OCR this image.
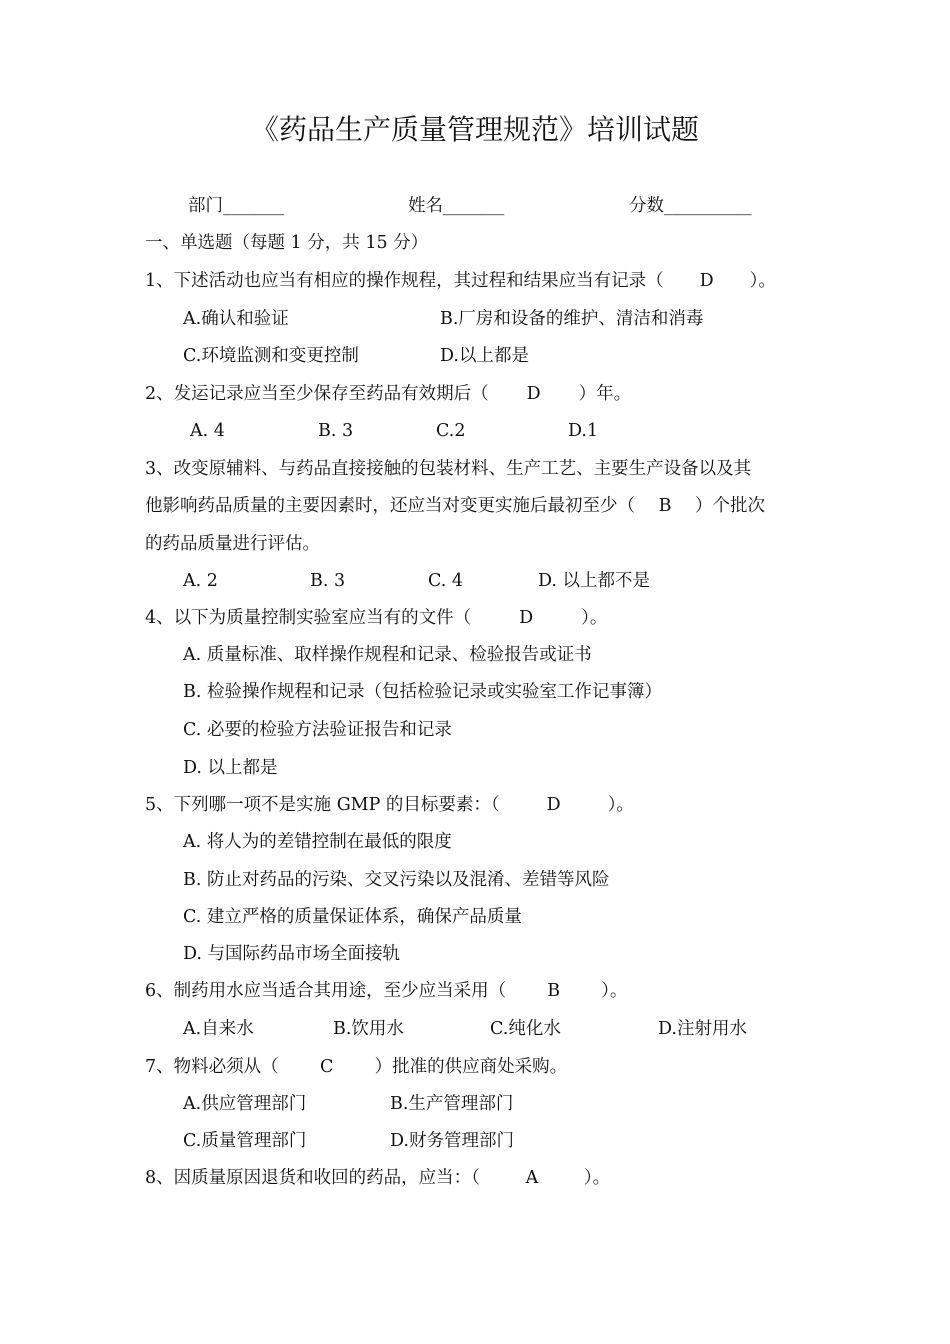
《药品生产质量管理规范》培训试题
部门_______	姓名_______	分数__________
一、单选题（每题 1 分，共 15 分）
1、下述活动也应当有相应的操作规程，其过程和结果应当有记录（ D ）。
A.确认和验证	B.厂房和设备的维护、清洁和消毒
C.环境监测和变更控制	D.以上都是
2、发运记录应当至少保存至药品有效期后（ D ）年。
A. 4	B. 3	C.2	D.1
3、改变原辅料、与药品直接接触的包装材料、生产工艺、主要生产设备以及其
他影响药品质量的主要因素时，还应当对变更实施后最初至少（ B ）个批次
的药品质量进行评估。
A. 2	B. 3	C. 4	D. 以上都不是
4、以下为质量控制实验室应当有的文件（	D	）。
A. 质量标准、取样操作规程和记录、检验报告或证书
B. 检验操作规程和记录（包括检验记录或实验室工作记事簿）
C. 必要的检验方法验证报告和记录
D. 以上都是
5、下列哪一项不是实施 GMP 的目标要素：（	D	）。
A. 将人为的差错控制在最低的限度
B. 防止对药品的污染、交叉污染以及混淆、差错等风险
C. 建立严格的质量保证体系，确保产品质量
D. 与国际药品市场全面接轨
6、制药用水应当适合其用途，至少应当采用（ B ）。
A.自来水	B.饮用水	C.纯化水	D.注射用水
7、物料必须从（ C ）批准的供应商处采购。
A.供应管理部门	B.生产管理部门
C.质量管理部门	D.财务管理部门
8、因质量原因退货和收回的药品，应当：（	A	）。
